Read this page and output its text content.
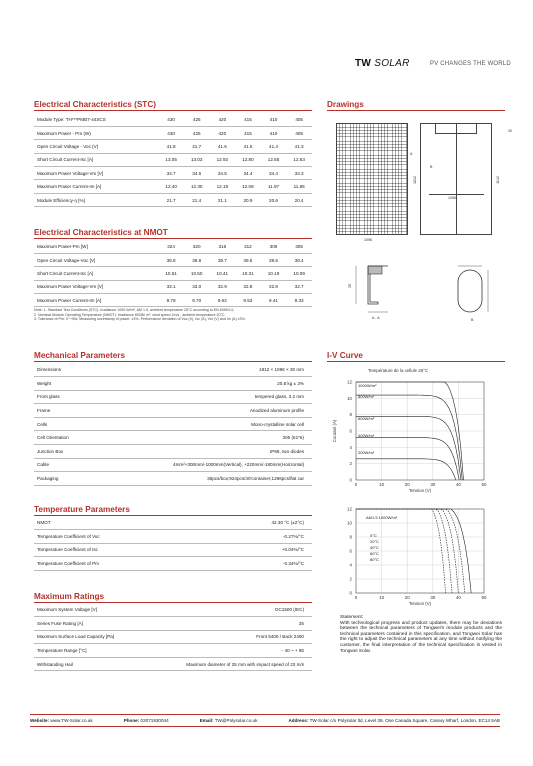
TW SOLAR	PV CHANGES THE WORLD
Electrical Characteristics (STC)
Module Type: TH***PMB7-44SCS	430	425	420	415	410	405
Maximum Power - Pm (W)	430	425	420	415	410	405
Open Circuit Voltage - Voc (V)	41.8	41.7	41.6	41.5	41.4	41.3
Short Circuit Current-Isc [A]	13.05	13.03	12.92	12.80	12.65	12.53
Maximum Power Voltage-Vm [V]	34.7	34.6	34.5	34.4	34.4	34.3
Maximum Power Current-Im [A]	12.40	12.30	12.19	12.08	11.97	11.86
Module Efficiency-η [%]	21.7	21.4	21.1	20.9	20.6	20.4
Electrical Characteristics at NMOT
Maximum Power-Pm [W]	324	320	316	312	309	305
Open Circuit Voltage-Voc [V]	39.8	39.8	39.7	39.6	39.5	39.4
Short Circuit Current-Isc [A]	10.51	10.50	10.41	10.31	10.19	10.09
Maximum Power Voltage-Vm [V]	33.1	33.0	32.9	32.8	32.8	32.7
Maximum Power Current-Im [A]	9.79	9.70	9.62	9.53	9.41	9.33
Note: 1. Standard Test Conditions (STC): Irradiance 1000 W/m², AM 1.5, ambient temperature 25°C according to EN 60904-3;
2. Nominal Module Operating Temperature (NMOT): Irradiance 800W/ m², wind speed 1m/s , ambient temperature 20°C.
3. Tolerance of Pm: 0~+5W, Measuring uncertainty of power: ±3%. Performance deviation of Voc (V), Isc (A), Vm (V) and Im (A) ±3%.
Mechanical Parameters
Dimensions	1812 × 1096 × 30 mm
Weight	20.8 kg ± 3%
Front glass	tempered glass, 3.2 mm
Frame	Anodized aluminum profile
Cells	Mono-crystalline solar cell
Cell Orientation	305 (61*5)
Junction Box	IP68, two diodes
Cable	4mm²+300mm/-1000mm(Vertical), +220mm/-180mm(Horizontal)
Packaging	36pcs/box;924pcs/40'container;1296pcs/flat car
Temperature Parameters
NMOT	42.30 °C (±2°C)
Temperature Coefficient of Voc	-0.27%/°C
Temperature Coefficient of Isc	+0.04%/°C
Temperature Coefficient of Pm	-0.34%/°C
Maximum Ratings
Maximum System Voltage [V]	DC1500 (IEC)
Series Fuse Rating [A]	25
Maximum Surface Load Capacity [Pa]	Front 5400 / Back 2400
Temperature Range [°C]	- 40 ~ + 85
Withstanding Hail	Maximum diameter of 25 mm with impact speed of 23 m/s
Drawings
B
A
1096
1056
1812	1142
30
35
A - A	B
I-V Curve
Température de la cellule 25°C
0	10	20	30	40	50
0
2
4
6
8
10
12
1000W/m²
800W/m²
600W/m²
400W/m²
200W/m²
Tension (V)
Courant (A)
0	10	20	30	40	50
0
2
4
6
8
10
12
AM1.5 1000W/m²
0°C
20°C
40°C
60°C
80°C
Tension (V)
Statement:
With technological progress and product updates, there may be deviations between the technical parameters of Tongwei's module products and the technical parameters contained in this specification, and Tongwei Solar has the right to adjust the technical parameters at any time without notifying the customer, the final interpretation of the technical specification is vested in Tongwei Solar.
Website: www.TW-Solar.co.uk	Phone: 02071930044	Email: TW@Polysolar.co.uk	Address: TW-Solar c/o Polysolar ltd, Level 39, One Canada Square, Canary Wharf, London, EC14 5AB
